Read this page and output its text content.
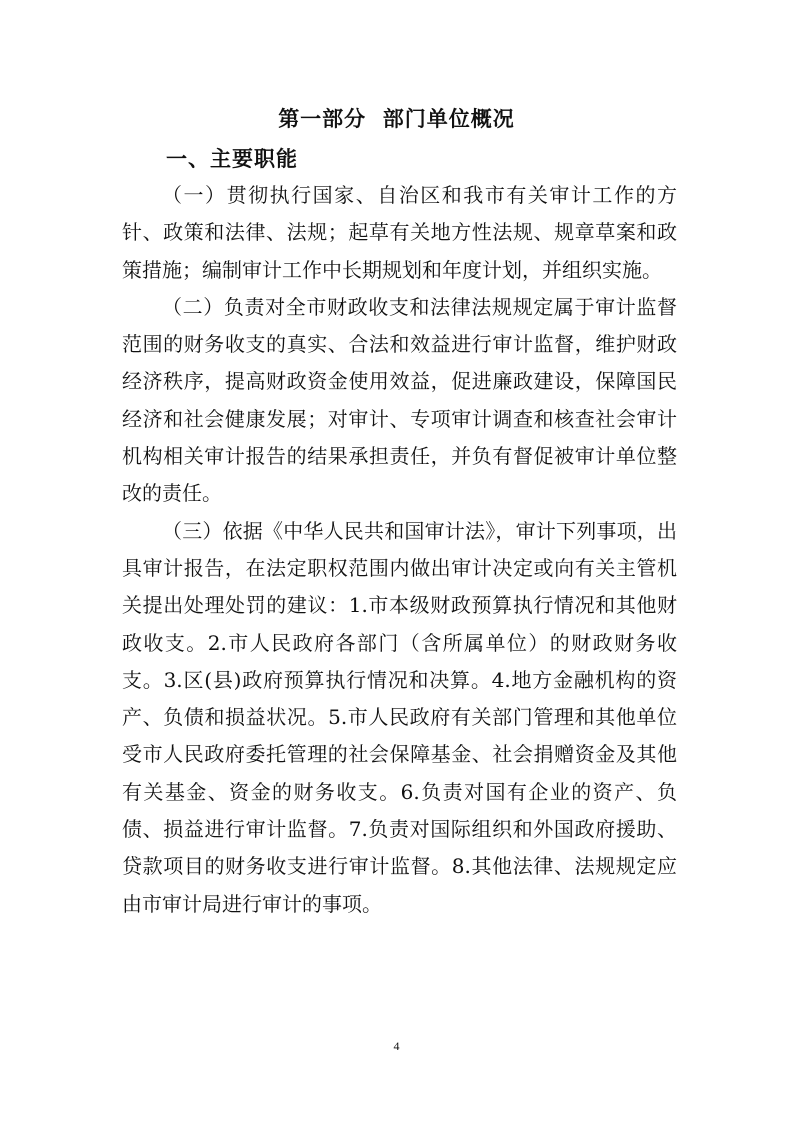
第一部分  部门单位概况
一、主要职能

（一）贯彻执行国家、自治区和我市有关审计工作的方针、政策和法律、法规；起草有关地方性法规、规章草案和政策措施；编制审计工作中长期规划和年度计划，并组织实施。

（二）负责对全市财政收支和法律法规规定属于审计监督范围的财务收支的真实、合法和效益进行审计监督，维护财政经济秩序，提高财政资金使用效益，促进廉政建设，保障国民经济和社会健康发展；对审计、专项审计调查和核查社会审计机构相关审计报告的结果承担责任，并负有督促被审计单位整改的责任。

（三）依据《中华人民共和国审计法》，审计下列事项，出具审计报告，在法定职权范围内做出审计决定或向有关主管机关提出处理处罚的建议：1.市本级财政预算执行情况和其他财政收支。2.市人民政府各部门（含所属单位）的财政财务收支。3.区(县)政府预算执行情况和决算。4.地方金融机构的资产、负债和损益状况。5.市人民政府有关部门管理和其他单位受市人民政府委托管理的社会保障基金、社会捐赠资金及其他有关基金、资金的财务收支。6.负责对国有企业的资产、负债、损益进行审计监督。7.负责对国际组织和外国政府援助、贷款项目的财务收支进行审计监督。8.其他法律、法规规定应由市审计局进行审计的事项。

4
